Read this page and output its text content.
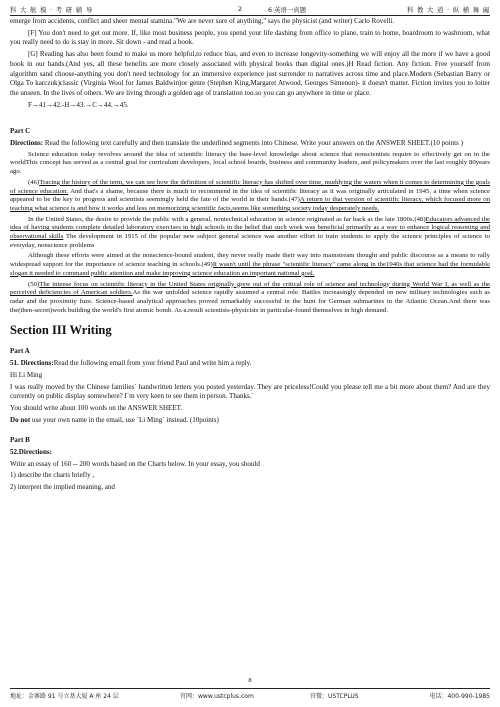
科 大 航 模 · 考 研 辅 导	2	6 英语一真题	科 教 大 道 · 纵 横 舞 阖

emerge from accidents, conflict and sheer mental stamina."We are never sure of anything," says the physicist (and writer) Carlo Rovelli.

[F] You don't need to get out more. If, like most business people, you spend your life dashing from office to plane, train to home, boardroom to washroom, what you really need to do is stay in more. Sit down - and read a book.

[G] Reading has also been found to make us more helpful,to reduce bias, and even to increase longevity-something we will enjoy all the more if we have a good book in our hands.(And yes, all these benefits are more closely associated with physical books than digital ones.)H Read fiction. Any fiction. Free yourself from algorithm sand choose-anything you don't need technology for an immersive experience just surrender to narratives across time and place.Modern (Sebastian Barry or Olga To karczuk)classic (Virginia Wool for James Baldwin)or genre (Stephen King,Margaret Atwood, Georges Simenon)- it doesn't matter. Fiction invites you to loiter the unseen. In the lives of others. We are living through a golden age of translation too.so you can go anywhere in time or place.

F→41→42.-H→43.→C→44.→45.

Part C

Directions: Read the following text carefully and then translate the underlined segments into Chinese. Write your answers on the ANSWER SHEET.(10 points )

Science education today revolves around the idea of scientific literacy the base-level knowledge about science that nonscientists require to effectively get on in the worldThis concept has served as a central goal for curriculum developers, local school boards, business and community leaders, and policymakers over the last roughly 80years ago.

(46)Tracing the history of the term, we can see how the definition of scientific literacy has shifted over time, muddying the waters when it comes to determining the goals of science education. And that's a shame, because there is much to recommend in the idea of scientific literacy as it was originally articulated in 1945, a time when science appeared to be the key to progress and scientists seemingly held the fate of the world in their hands.(47)A return to that version of scientific literacy, which focused more on teaching what science is and how it works and less on memorizing scientific facts,seems like something society today desperately needs.

In the United States, the desire to provide the public with a general, nontechnical education in science originated as far back as the late 1800s.(48)Educators advanced the idea of having students complete detailed laboratory exercises in high schools in the belief that such work was beneficial primarily as a way to enhance logical reasoning and observational skills The development in 1915 of the popular new subject general science was another effort to train students to apply the science principles of science to everyday, nonscience problems

Although these efforts were aimed at the nonscience-bound student, they never really made their way into mainstream thought and public discourse as a means to rally widespread support for the importance of science teaching in schools.(49)It wasn't until the phrase "scientific literacy" came along in the1940s that science had the formidable slogan it needed to command public attention and make improving science education an important national goal.

(50)The intense focus on scientific literacy in the United States originally grew out of the critical role of science and technology during World War I, as well as the perceived deficiencies of American soldiers.As the war unfolded science rapidly assumed a central role. Battles increasingly depended on new military technologies such as radar and the proximity fuze. Science-based analytical approaches proved remarkably successful in the hunt for German submarines in the Atlantic Ocean.And there was the(then-secret)work building the world's first atomic bomb. As a.result scientists-physicists in particular-found themselves in high demand.

Section III Writing

Part A

51. Directions:Read the following email from your friend Paul and write him a reply.

Hi Li Ming

I was really moved by the Chinese families` handwritten letters you posted yesterday. They are priceless!Could you please tell me a bit more about them? And are they currently on public display somewhere? I`m very keen to see them in person. Thanks.`

You should write about 100 words on the ANSWER SHEET.

Do not use your own name in the email, use `Li Ming` instead. (10points)

Part B

52.Directions:

Write an essay of 160 -- 200 words based on the Charts below. In your essay, you should

1) describe the charts briefly ,

2) interpret the implied meaning, and

8
地址：金寨路 91 号立基大厦 A 座 24 层	官网：www.ustcplus.com	官微：USTCPLUS	电话：400-990-1985
